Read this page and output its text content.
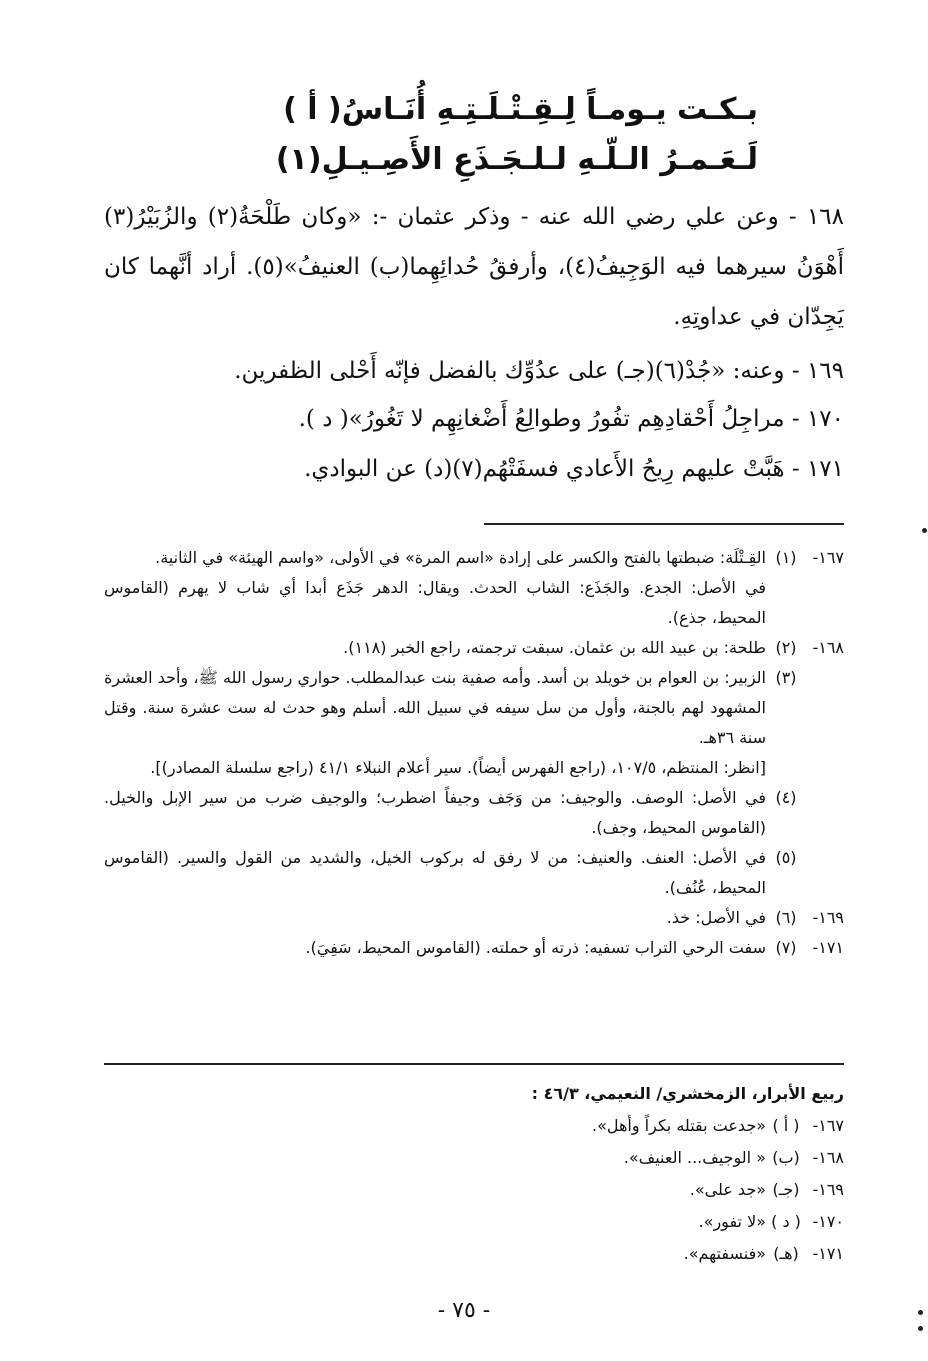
بـكـت يـومـاً لِـقِـتْـلَـتِـهِ أُنَـاسُ( أ )
لَـعَـمـرُ الـلّـهِ لـلـجَـذَعِ الأَصِـيـلِ(١)
١٦٨ - وعن علي رضي الله عنه - وذكر عثمان -: «وكان طَلْحَةُ(٢) والزُبَيْرُ(٣) أَهْوَنُ سيرهما فيه الوَجِيفُ(٤)، وأرفقُ حُدائِهِما(ب) العنيفُ»(٥). أراد أنَّهما كان يَجِدّان في عداوتِهِ.
١٦٩ - وعنه: «جُدْ(٦)(جـ) على عدُوِّك بالفضل فإنّه أَحْلى الظفرين.
١٧٠ - مراجِلُ أَحْقادِهِم تفُورُ وطوالِعُ أَضْغانِهِم لا تَغُورُ»( د ).
١٧١ - هَبَّتْ عليهم رِيحُ الأَعادي فسفَتْهُم(٧)(د) عن البوادي.
١٦٧-
(١)

القِـتْلَة: ضبطتها بالفتح والكسر على إرادة «اسم المرة» في الأولى، «واسم الهيئة» في الثانية.

في الأصل: الجدع. والجَذَع: الشاب الحدث. ويقال: الدهر جَذَع أبدا أي شاب لا يهرم (القاموس المحيط، جذع).

١٦٨-
(٢)

طلحة: بن عبيد الله بن عثمان. سبقت ترجمته، راجع الخبر (١١٨).

(٣)

الزبير: بن العوام بن خويلد بن أسد. وأمه صفية بنت عبدالمطلب. حواري رسول الله ﷺ، وأحد العشرة المشهود لهم بالجنة، وأول من سل سيفه في سبيل الله. أسلم وهو حدث له ست عشرة سنة. وقتل سنة ٣٦هـ.

[انظر: المنتظم، ١٠٧/٥، (راجع الفهرس أيضاً). سير أعلام النبلاء ٤١/١ (راجع سلسلة المصادر)].

(٤)

في الأصل: الوصف. والوجيف: من وَجَف وجيفاً اضطرب؛ والوجيف ضرب من سير الإبل والخيل. (القاموس المحيط، وجف).

(٥)

في الأصل: العنف. والعنيف: من لا رفق له بركوب الخيل، والشديد من القول والسير. (القاموس المحيط، عُنُف).

١٦٩-
(٦)

في الأصل: خذ.

١٧١-
(٧)

سفت الرحي التراب تسفيه: ذرته أو حملته. (القاموس المحيط، سَفِيَ).

ربيع الأبرار، الزمخشري/ النعيمي، ٤٦/٣ :

١٦٧-
( أ )
«جدعت بقتله بكراً وأهل».
١٦٨-
(ب)
« الوجيف... العنيف».
١٦٩-
(جـ)
«جد على».
١٧٠-
( د )
«لا تفور».
١٧١-
(هـ)
«فنسفتهم».
- ٧٥ -
